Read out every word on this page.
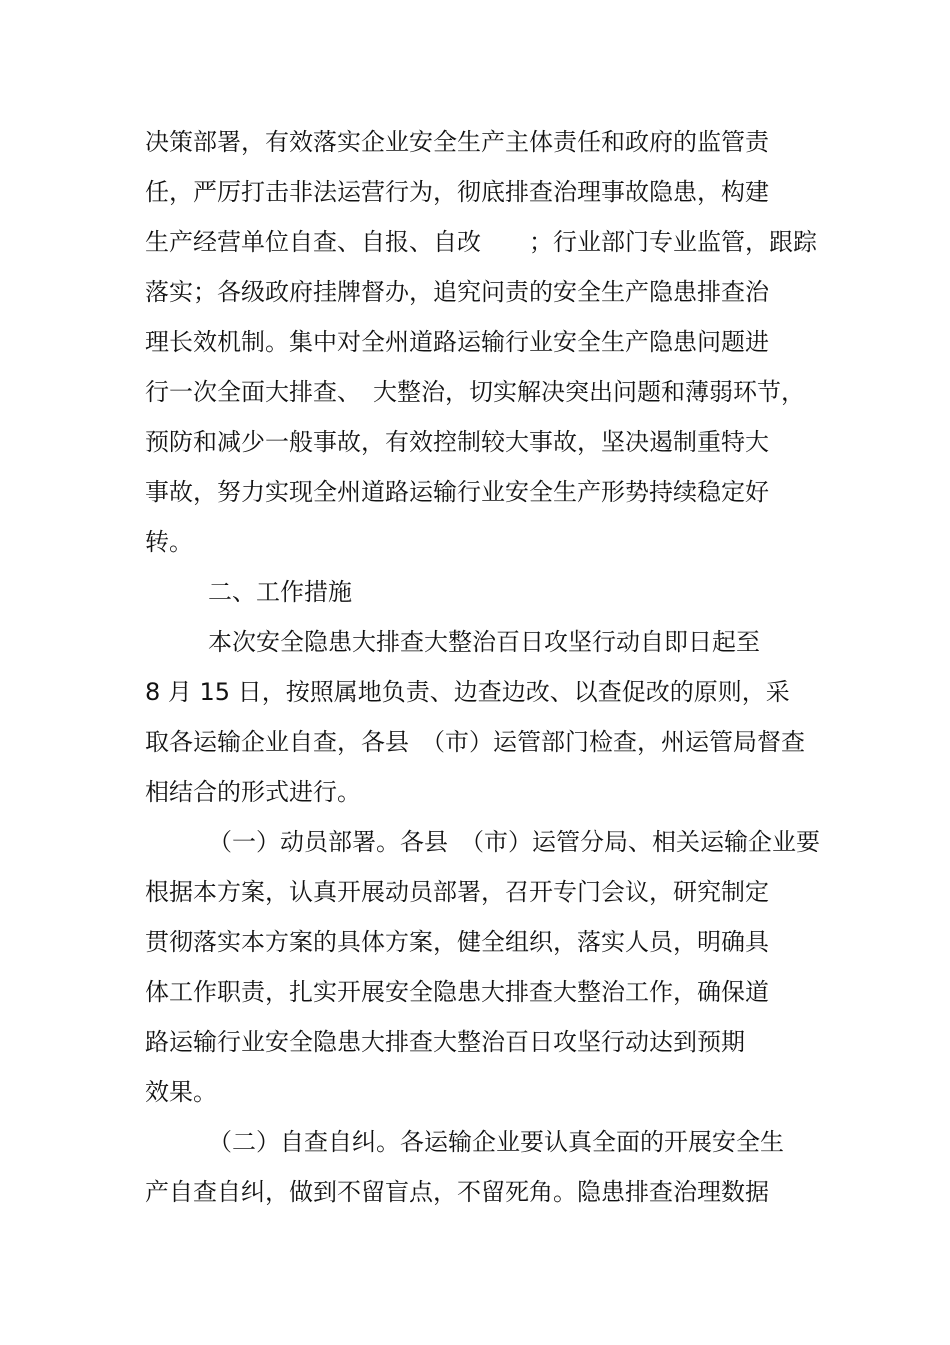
决策部署，有效落实企业安全生产主体责任和政府的监管责
任，严厉打击非法运营行为，彻底排查治理事故隐患，构建
生产经营单位自查、自报、自改　　；行业部门专业监管，跟踪
落实；各级政府挂牌督办，追究问责的安全生产隐患排查治
理长效机制。集中对全州道路运输行业安全生产隐患问题进
行一次全面大排查、　大整治，切实解决突出问题和薄弱环节，
预防和减少一般事故，有效控制较大事故，坚决遏制重特大
事故，努力实现全州道路运输行业安全生产形势持续稳定好
转。
二、工作措施
本次安全隐患大排查大整治百日攻坚行动自即日起至
8 月 15 日，按照属地负责、边查边改、以查促改的原则，采
取各运输企业自查，各县　（市）运管部门检查，州运管局督查
相结合的形式进行。
（一）动员部署。各县　（市）运管分局、相关运输企业要
根据本方案，认真开展动员部署，召开专门会议，研究制定
贯彻落实本方案的具体方案，健全组织，落实人员，明确具
体工作职责，扎实开展安全隐患大排查大整治工作，确保道
路运输行业安全隐患大排查大整治百日攻坚行动达到预期
效果。
（二）自查自纠。各运输企业要认真全面的开展安全生
产自查自纠，做到不留盲点，不留死角。隐患排查治理数据
